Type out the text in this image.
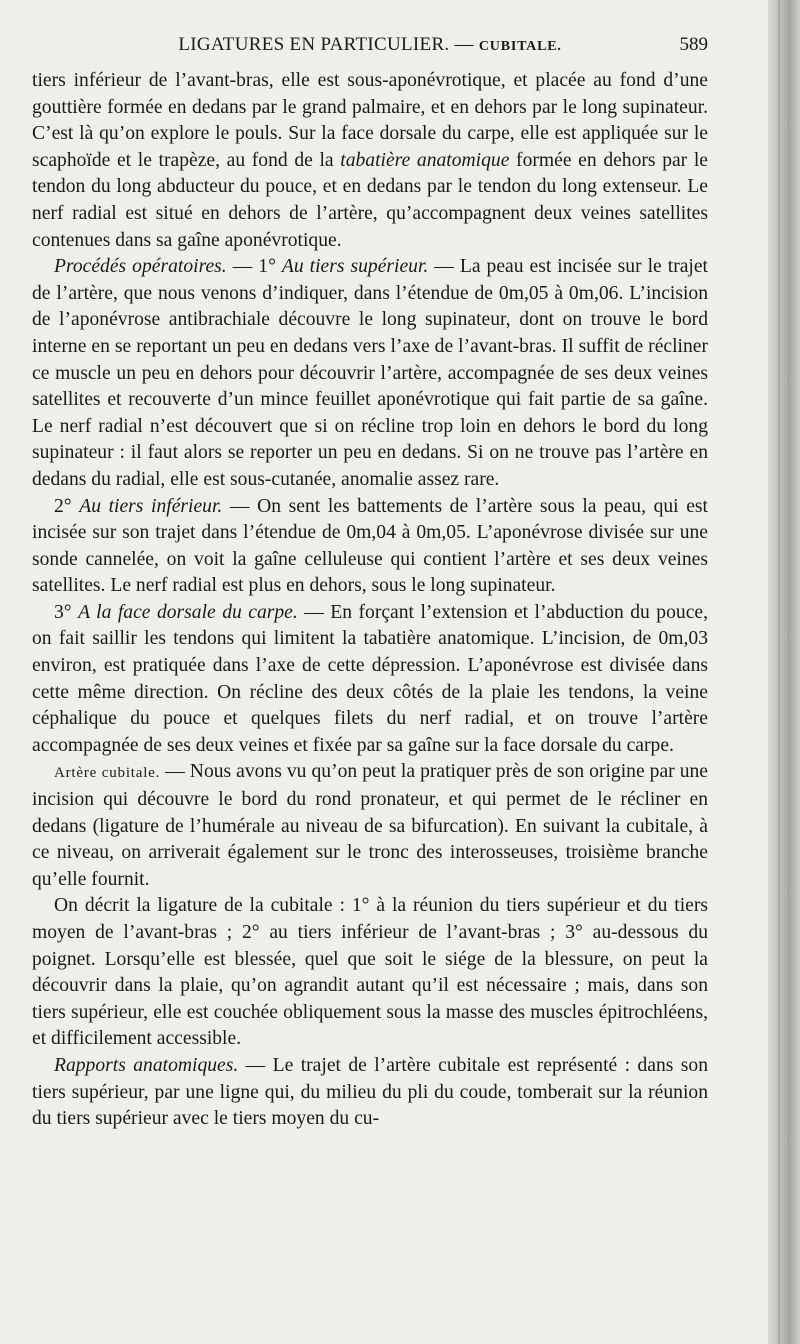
LIGATURES EN PARTICULIER. — CUBITALE.	589

tiers inférieur de l’avant-bras, elle est sous-aponévrotique, et placée au fond d’une gouttière formée en dedans par le grand palmaire, et en dehors par le long supinateur. C’est là qu’on explore le pouls. Sur la face dorsale du carpe, elle est appliquée sur le scaphoïde et le trapèze, au fond de la tabatière anatomique formée en dehors par le tendon du long abducteur du pouce, et en dedans par le tendon du long extenseur. Le nerf radial est situé en dehors de l’artère, qu’accompagnent deux veines satellites contenues dans sa gaîne aponévrotique.

Procédés opératoires. — 1° Au tiers supérieur. — La peau est incisée sur le trajet de l’artère, que nous venons d’indiquer, dans l’étendue de 0m,05 à 0m,06. L’incision de l’aponévrose antibrachiale découvre le long supinateur, dont on trouve le bord interne en se reportant un peu en dedans vers l’axe de l’avant-bras. Il suffit de récliner ce muscle un peu en dehors pour découvrir l’artère, accompagnée de ses deux veines satellites et recouverte d’un mince feuillet aponévrotique qui fait partie de sa gaîne. Le nerf radial n’est découvert que si on récline trop loin en dehors le bord du long supinateur : il faut alors se reporter un peu en dedans. Si on ne trouve pas l’artère en dedans du radial, elle est sous-cutanée, anomalie assez rare.

2° Au tiers inférieur. — On sent les battements de l’artère sous la peau, qui est incisée sur son trajet dans l’étendue de 0m,04 à 0m,05. L’aponévrose divisée sur une sonde cannelée, on voit la gaîne celluleuse qui contient l’artère et ses deux veines satellites. Le nerf radial est plus en dehors, sous le long supinateur.

3° A la face dorsale du carpe. — En forçant l’extension et l’abduction du pouce, on fait saillir les tendons qui limitent la tabatière anatomique. L’incision, de 0m,03 environ, est pratiquée dans l’axe de cette dépression. L’aponévrose est divisée dans cette même direction. On récline des deux côtés de la plaie les tendons, la veine céphalique du pouce et quelques filets du nerf radial, et on trouve l’artère accompagnée de ses deux veines et fixée par sa gaîne sur la face dorsale du carpe.

Artère cubitale. — Nous avons vu qu’on peut la pratiquer près de son origine par une incision qui découvre le bord du rond pronateur, et qui permet de le récliner en dedans (ligature de l’humérale au niveau de sa bifurcation). En suivant la cubitale, à ce niveau, on arriverait également sur le tronc des interosseuses, troisième branche qu’elle fournit.

On décrit la ligature de la cubitale : 1° à la réunion du tiers supérieur et du tiers moyen de l’avant-bras ; 2° au tiers inférieur de l’avant-bras ; 3° au-dessous du poignet. Lorsqu’elle est blessée, quel que soit le siége de la blessure, on peut la découvrir dans la plaie, qu’on agrandit autant qu’il est nécessaire ; mais, dans son tiers supérieur, elle est couchée obliquement sous la masse des muscles épitrochléens, et difficilement accessible.

Rapports anatomiques. — Le trajet de l’artère cubitale est représenté : dans son tiers supérieur, par une ligne qui, du milieu du pli du coude, tomberait sur la réunion du tiers supérieur avec le tiers moyen du cu-
